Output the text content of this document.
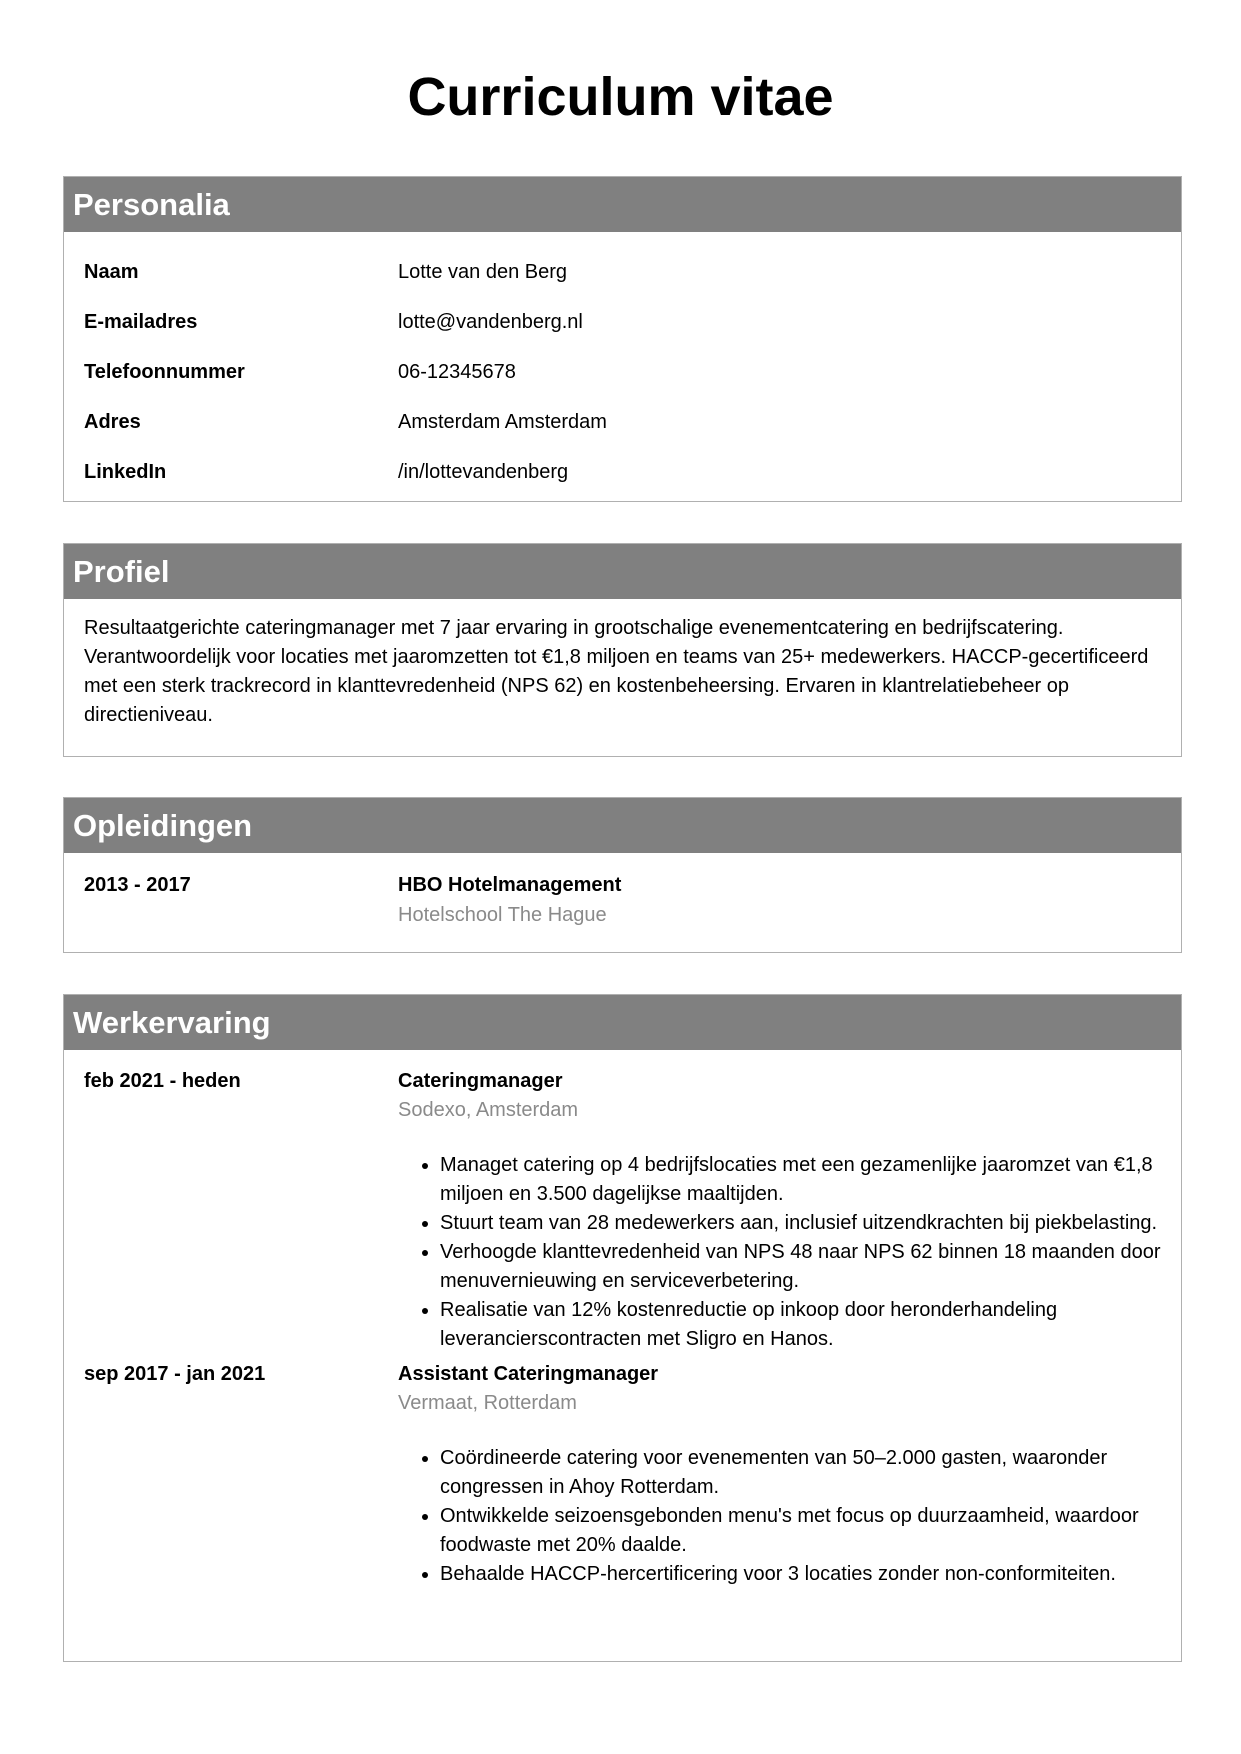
Curriculum vitae
Personalia
Naam	Lotte van den Berg
E-mailadres	lotte@vandenberg.nl
Telefoonnummer	06-12345678
Adres	Amsterdam Amsterdam
LinkedIn	/in/lottevandenberg
Profiel
Resultaatgerichte cateringmanager met 7 jaar ervaring in grootschalige evenementcatering en bedrijfscatering. Verantwoordelijk voor locaties met jaaromzetten tot €1,8 miljoen en teams van 25+ medewerkers. HACCP-gecertificeerd met een sterk trackrecord in klanttevredenheid (NPS 62) en kostenbeheersing. Ervaren in klantrelatiebeheer op directieniveau.
Opleidingen
2013 - 2017	HBO Hotelmanagement
Hotelschool The Hague
Werkervaring
feb 2021 - heden	Cateringmanager
Sodexo, Amsterdam
• Managet catering op 4 bedrijfslocaties met een gezamenlijke jaaromzet van €1,8 miljoen en 3.500 dagelijkse maaltijden.
• Stuurt team van 28 medewerkers aan, inclusief uitzendkrachten bij piekbelasting.
• Verhoogde klanttevredenheid van NPS 48 naar NPS 62 binnen 18 maanden door menuvernieuwing en serviceverbetering.
• Realisatie van 12% kostenreductie op inkoop door heronderhandeling leverancierscontracten met Sligro en Hanos.
sep 2017 - jan 2021	Assistant Cateringmanager
Vermaat, Rotterdam
• Coördineerde catering voor evenementen van 50–2.000 gasten, waaronder congressen in Ahoy Rotterdam.
• Ontwikkelde seizoensgebonden menu's met focus op duurzaamheid, waardoor foodwaste met 20% daalde.
• Behaalde HACCP-hercertificering voor 3 locaties zonder non-conformiteiten.
